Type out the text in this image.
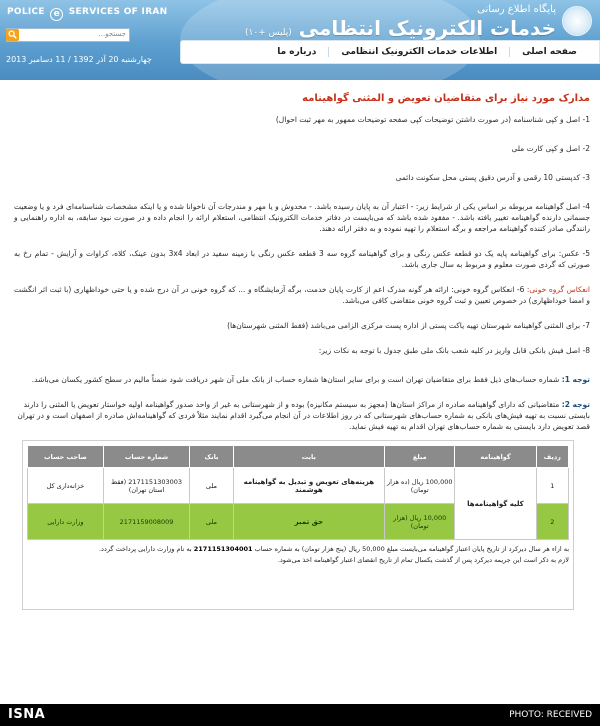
POLICE e SERVICES OF IRAN	پایگاه اطلاع رسانی
خدمات الکترونیک انتظامی (پلیس +۱۰)
جستجو...
چهارشنبه 20 آذر 1392 / 11 دسامبر 2013
صفحه اصلی
اطلاعات خدمات الکترونیک انتظامی
درباره ما
مدارک مورد نیاز برای متقاضیان تعویض و المثنی گواهینامه
1- اصل و کپی شناسنامه (در صورت داشتن توضیحات کپی صفحه توضیحات ممهور به مهر ثبت احوال)
2- اصل و کپی کارت ملی
3- کدپستی 10 رقمی و آدرس دقیق پستی محل سکونت دائمی
4- اصل گواهینامه مربوطه بر اساس یکی از شرایط زیر: - اعتبار آن به پایان رسیده باشد. - مخدوش و یا مهر و مندرجات آن ناخوانا شده و یا اینکه مشخصات شناسنامه‌ای فرد و یا وضعیت جسمانی دارنده گواهینامه تغییر یافته باشد. - مفقود شده باشد که می‌بایست در دفاتر خدمات الکترونیک انتظامی، استعلام ارائه را انجام داده و در صورت نبود سابقه، به اداره راهنمایی و رانندگی صادر کننده گواهینامه مراجعه و برگه استعلام را تهیه نموده و به دفتر ارائه دهند.
5- عکس: برای گواهینامه پایه یک دو قطعه عکس رنگی و برای گواهینامه گروه سه 3 قطعه عکس رنگی با زمینه سفید در ابعاد 3x4 بدون عینک، کلاه، کراوات و آرایش - تمام رخ به صورتی که گردی صورت معلوم و مربوط به سال جاری باشد.
انعکاس گروه خونی: 6- انعکاس گروه خونی: ارائه هر گونه مدرک اعم از کارت پایان خدمت، برگه آزمایشگاه و ... که گروه خونی در آن درج شده و یا حتی خوداظهاری (با ثبت اثر انگشت و امضا خوداظهاری) در خصوص تعیین و ثبت گروه خونی متقاضی کافی می‌باشد.
7- برای المثنی گواهینامه شهرستان تهیه یاکت پستی از اداره پست مرکزی الزامی می‌باشد (فقط المثنی شهرستان‌ها)
8- اصل فیش بانکی قابل واریز در کلیه شعب بانک ملی طبق جدول با توجه به نکات زیر:
توجه 1: شماره حساب‌های ذیل فقط برای متقاضیان تهران است و برای سایر استان‌ها شماره حساب از بانک ملی آن شهر دریافت شود ضمناً مالیم در سطح کشور یکسان می‌باشد.
توجه 2: متقاضیانی که دارای گواهینامه صادره از مراکز استان‌ها (مجهز به سیستم مکانیزه) بوده و از شهرستانی به غیر از واحد صدور گواهینامه اولیه خواستار تعویض یا المثنی را دارند بایستی نسبت به تهیه فیش‌های بانکی به شماره حساب‌های شهرستانی که در روز اطلاعات در آن انجام می‌گیرد اقدام نمایند مثلاً فردی که گواهینامه‌اش صادره از اصفهان است و در تهران قصد تعویض دارد بایستی به شماره حساب‌های تهران اقدام به تهیه فیش نماید.
ردیف	گواهینامه	مبلغ	بابت	بانک	شماره حساب	صاحب حساب
1	کلیه گواهینامه‌ها	100,000 ریال (ده هزار تومان)	هزینه‌های تعویض و تبدیل به گواهینامه هوشمند	ملی	2171151303003 (فقط استان تهران)	خزانه‌داری کل
2		10,000 ریال (هزار تومان)	حق تمبر	ملی	2171159008009	وزارت دارایی
به ازاء هر سال دیرکرد از تاریخ پایان اعتبار گواهینامه می‌بایست مبلغ 50,000 ریال (پنج هزار تومان) به شماره حساب 2171151304001 به نام وزارت دارایی پرداخت گردد.
لازم به ذکر است این جریمه دیرکرد پس از گذشت یکسال تمام از تاریخ انقضای اعتبار گواهینامه اخذ می‌شود.
ISNA	PHOTO: RECEIVED
